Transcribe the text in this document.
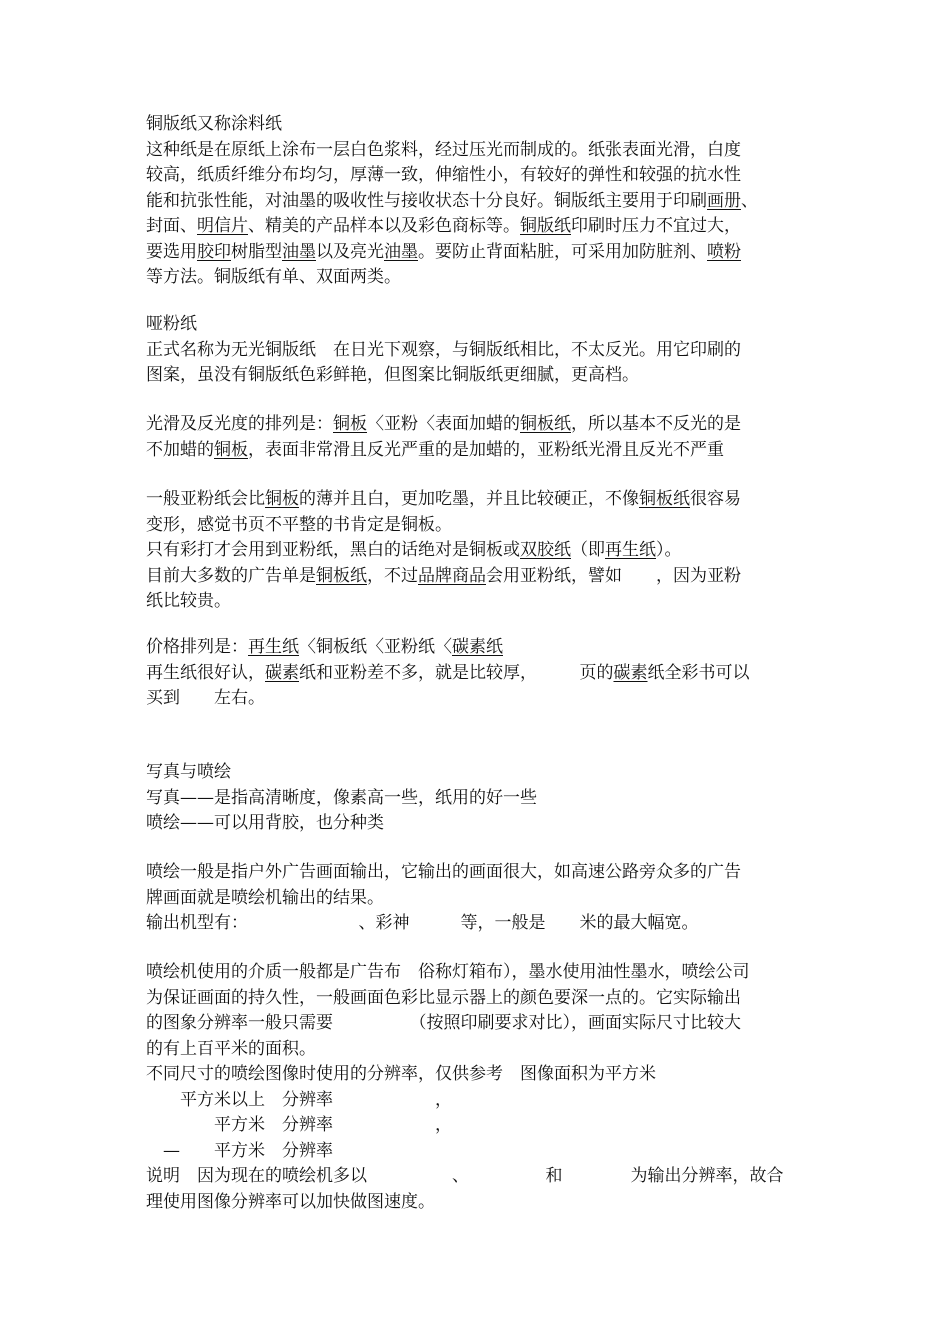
铜版纸又称涂料纸
这种纸是在原纸上涂布一层白色浆料，经过压光而制成的。纸张表面光滑，白度
较高，纸质纤维分布均匀，厚薄一致，伸缩性小，有较好的弹性和较强的抗水性
能和抗张性能，对油墨的吸收性与接收状态十分良好。铜版纸主要用于印刷画册、
封面、明信片、精美的产品样本以及彩色商标等。铜版纸印刷时压力不宜过大，
要选用胶印树脂型油墨以及亮光油墨。要防止背面粘脏，可采用加防脏剂、喷粉
等方法。铜版纸有单、双面两类。
哑粉纸
正式名称为无光铜版纸　在日光下观察，与铜版纸相比，不太反光。用它印刷的
图案，虽没有铜版纸色彩鲜艳，但图案比铜版纸更细腻，更高档。
光滑及反光度的排列是：铜板〈亚粉〈表面加蜡的铜板纸，所以基本不反光的是
不加蜡的铜板，表面非常滑且反光严重的是加蜡的，亚粉纸光滑且反光不严重
一般亚粉纸会比铜板的薄并且白，更加吃墨，并且比较硬正，不像铜板纸很容易
变形，感觉书页不平整的书肯定是铜板。
只有彩打才会用到亚粉纸，黑白的话绝对是铜板或双胶纸（即再生纸）。
目前大多数的广告单是铜板纸，不过品牌商品会用亚粉纸，譬如　　，因为亚粉
纸比较贵。
价格排列是：再生纸〈铜板纸〈亚粉纸〈碳素纸
再生纸很好认，碳素纸和亚粉差不多，就是比较厚，　　　页的碳素纸全彩书可以
买到　　左右。
写真与喷绘
写真——是指高清晰度，像素高一些，纸用的好一些
喷绘——可以用背胶，也分种类
喷绘一般是指户外广告画面输出，它输出的画面很大，如高速公路旁众多的广告
牌画面就是喷绘机输出的结果。
输出机型有：　　　　　　　、彩神　　　等，一般是　　米的最大幅宽。
喷绘机使用的介质一般都是广告布　俗称灯箱布），墨水使用油性墨水，喷绘公司
为保证画面的持久性，一般画面色彩比显示器上的颜色要深一点的。它实际输出
的图象分辨率一般只需要　　　　　（按照印刷要求对比），画面实际尺寸比较大
的有上百平米的面积。
不同尺寸的喷绘图像时使用的分辨率，仅供参考　图像面积为平方米
　　平方米以上　分辨率　　　　　　，
　　　　平方米　分辨率　　　　　　，
　—　　平方米　分辨率
说明　因为现在的喷绘机多以　　　　　、　　　　　和　　　　为输出分辨率，故合
理使用图像分辨率可以加快做图速度。
